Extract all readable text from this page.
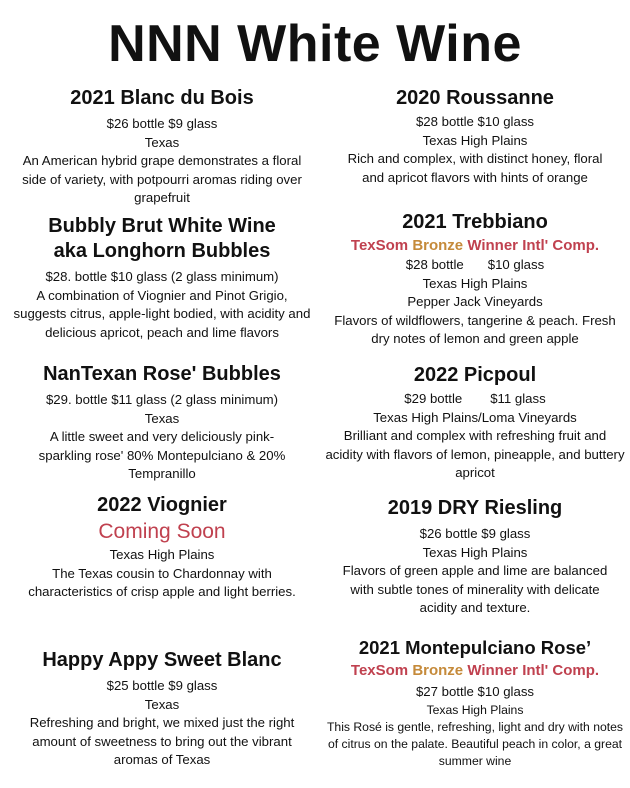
NNN White Wine
2021 Blanc du Bois
$26 bottle $9 glass
Texas
An American hybrid grape demonstrates a floral side of variety, with potpourri aromas riding over grapefruit
Bubbly Brut White Wine
aka Longhorn Bubbles
$28. bottle $10 glass (2 glass minimum)
A combination of Viognier and Pinot Grigio, suggests citrus, apple-light bodied, with acidity and delicious apricot, peach and lime flavors
NanTexan Rose' Bubbles
$29. bottle $11 glass (2 glass minimum)
Texas
A little sweet and very deliciously pink-sparkling rose' 80% Montepulciano & 20% Tempranillo
2022 Viognier
Coming Soon
Texas High Plains
The Texas cousin to Chardonnay with characteristics of crisp apple and light berries.
Happy Appy Sweet Blanc
$25 bottle $9 glass
Texas
Refreshing and bright, we mixed just the right amount of sweetness to bring out the vibrant aromas of Texas
2020 Roussanne
$28 bottle $10 glass
Texas High Plains
Rich and complex, with distinct honey, floral and apricot flavors with hints of orange
2021 Trebbiano
TexSom Bronze Winner Intl' Comp.
$28 bottle $10 glass
Texas High Plains
Pepper Jack Vineyards
Flavors of wildflowers, tangerine & peach. Fresh dry notes of lemon and green apple
2022 Picpoul
$29 bottle $11 glass
Texas High Plains/Loma Vineyards
Brilliant and complex with refreshing fruit and acidity with flavors of lemon, pineapple, and buttery apricot
2019 DRY Riesling
$26 bottle $9 glass
Texas High Plains
Flavors of green apple and lime are balanced with subtle tones of minerality with delicate acidity and texture.
2021 Montepulciano Rose’
TexSom Bronze Winner Intl' Comp.
$27 bottle $10 glass
Texas High Plains
This Rosé is gentle, refreshing, light and dry with notes of citrus on the palate. Beautiful peach in color, a great summer wine
